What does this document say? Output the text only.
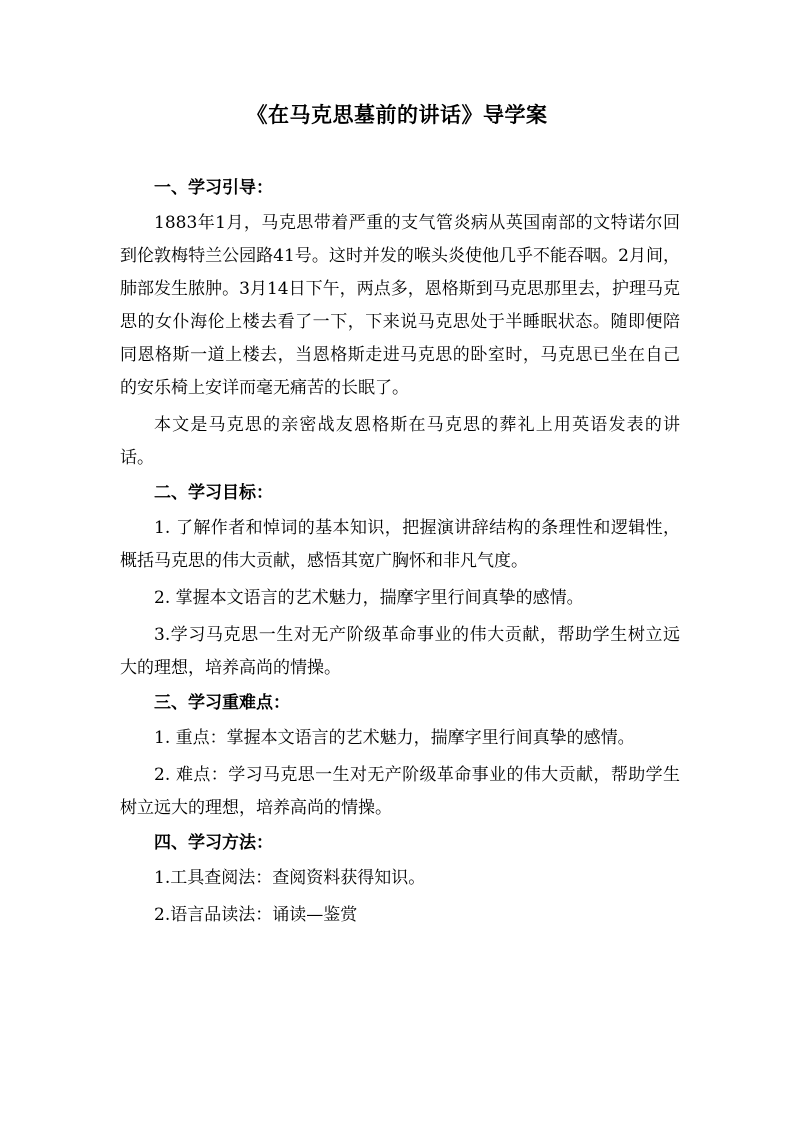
《在马克思墓前的讲话》导学案

一、学习引导：

1883年1月，马克思带着严重的支气管炎病从英国南部的文特诺尔回到伦敦梅特兰公园路41号。这时并发的喉头炎使他几乎不能吞咽。2月间，肺部发生脓肿。3月14日下午，两点多，恩格斯到马克思那里去，护理马克思的女仆海伦上楼去看了一下，下来说马克思处于半睡眠状态。随即便陪同恩格斯一道上楼去，当恩格斯走进马克思的卧室时，马克思已坐在自己的安乐椅上安详而毫无痛苦的长眠了。

本文是马克思的亲密战友恩格斯在马克思的葬礼上用英语发表的讲话。

二、学习目标：

1. 了解作者和悼词的基本知识，把握演讲辞结构的条理性和逻辑性，概括马克思的伟大贡献，感悟其宽广胸怀和非凡气度。

2. 掌握本文语言的艺术魅力，揣摩字里行间真挚的感情。

3.学习马克思一生对无产阶级革命事业的伟大贡献，帮助学生树立远大的理想，培养高尚的情操。

三、学习重难点：

1. 重点：掌握本文语言的艺术魅力，揣摩字里行间真挚的感情。

2. 难点：学习马克思一生对无产阶级革命事业的伟大贡献，帮助学生树立远大的理想，培养高尚的情操。

四、学习方法：

1.工具查阅法：查阅资料获得知识。

2.语言品读法：诵读—鉴赏
